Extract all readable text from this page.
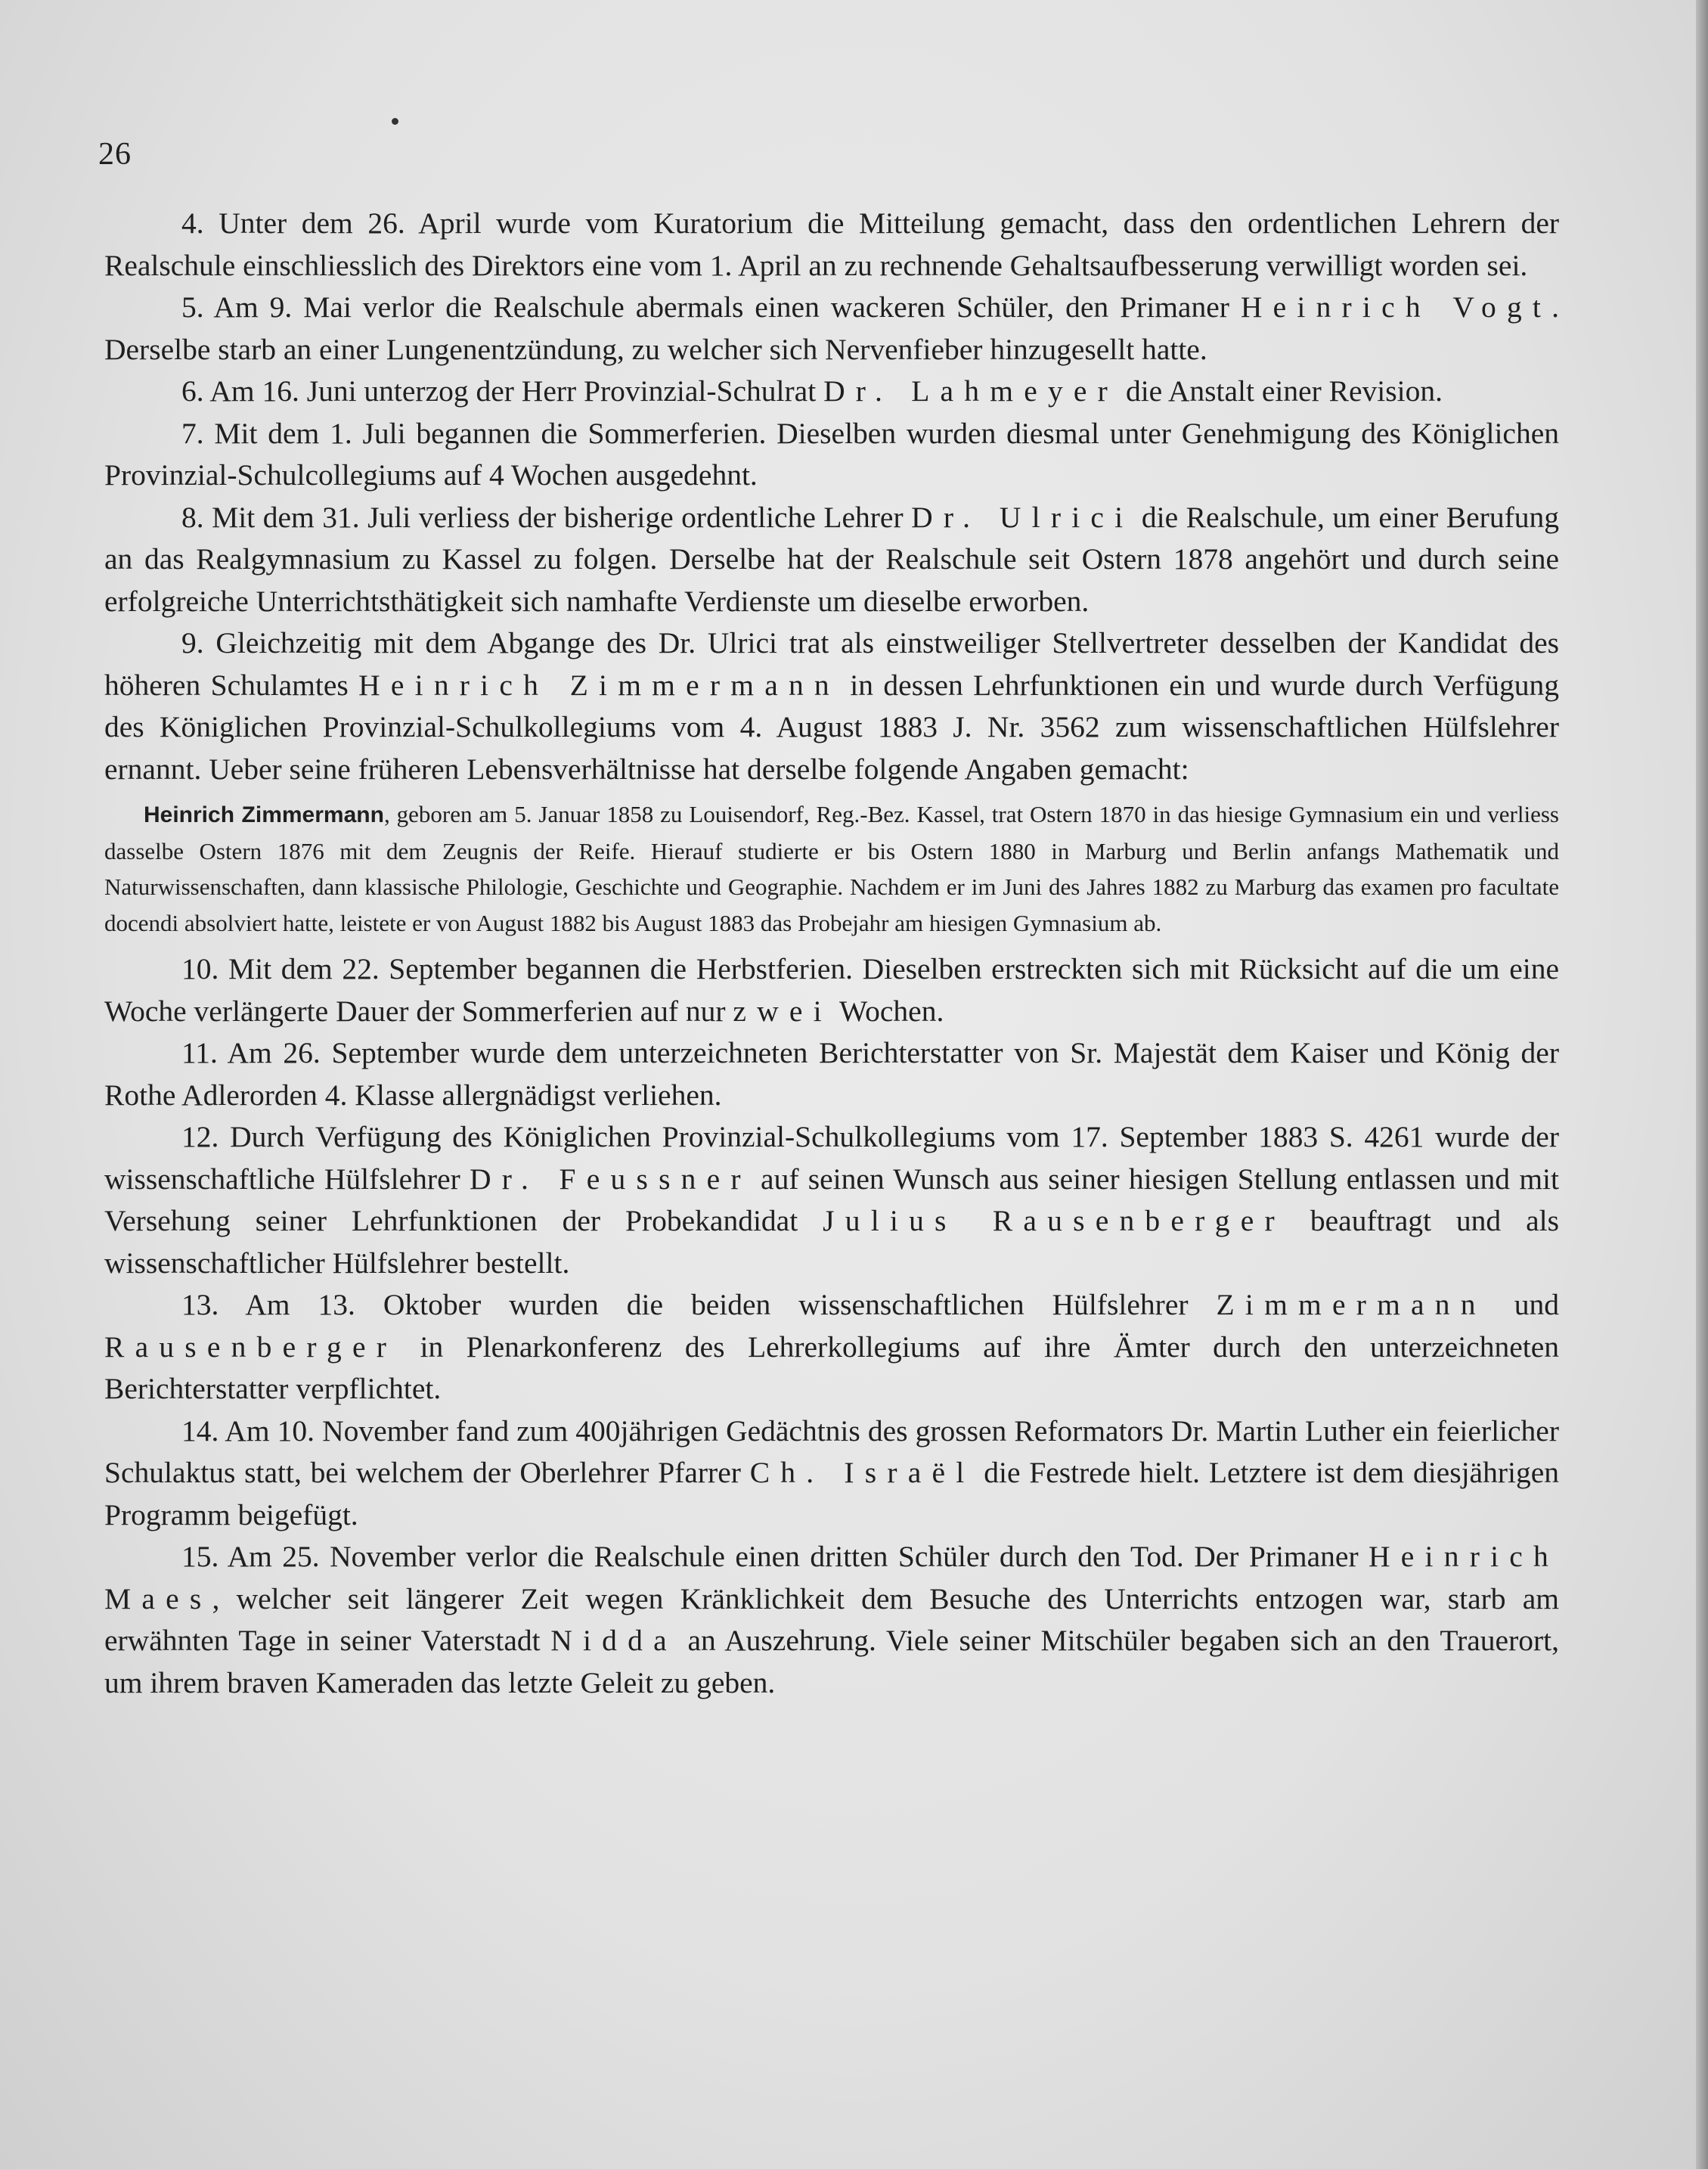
26

4. Unter dem 26. April wurde vom Kuratorium die Mitteilung gemacht, dass den ordentlichen Lehrern der Realschule einschliesslich des Direktors eine vom 1. April an zu rechnende Gehaltsaufbesserung verwilligt worden sei.

5. Am 9. Mai verlor die Realschule abermals einen wackeren Schüler, den Primaner Heinrich Vogt. Derselbe starb an einer Lungenentzündung, zu welcher sich Nervenfieber hinzugesellt hatte.

6. Am 16. Juni unterzog der Herr Provinzial-Schulrat Dr. Lahmeyer die Anstalt einer Revision.

7. Mit dem 1. Juli begannen die Sommerferien. Dieselben wurden diesmal unter Genehmigung des Königlichen Provinzial-Schulcollegiums auf 4 Wochen ausgedehnt.

8. Mit dem 31. Juli verliess der bisherige ordentliche Lehrer Dr. Ulrici die Realschule, um einer Berufung an das Realgymnasium zu Kassel zu folgen. Derselbe hat der Realschule seit Ostern 1878 angehört und durch seine erfolgreiche Unterrichtsthätigkeit sich namhafte Verdienste um dieselbe erworben.

9. Gleichzeitig mit dem Abgange des Dr. Ulrici trat als einstweiliger Stellvertreter desselben der Kandidat des höheren Schulamtes Heinrich Zimmermann in dessen Lehrfunktionen ein und wurde durch Verfügung des Königlichen Provinzial-Schulkollegiums vom 4. August 1883 J. Nr. 3562 zum wissenschaftlichen Hülfslehrer ernannt. Ueber seine früheren Lebensverhältnisse hat derselbe folgende Angaben gemacht:

Heinrich Zimmermann, geboren am 5. Januar 1858 zu Louisendorf, Reg.-Bez. Kassel, trat Ostern 1870 in das hiesige Gymnasium ein und verliess dasselbe Ostern 1876 mit dem Zeugnis der Reife. Hierauf studierte er bis Ostern 1880 in Marburg und Berlin anfangs Mathematik und Naturwissenschaften, dann klassische Philologie, Geschichte und Geographie. Nachdem er im Juni des Jahres 1882 zu Marburg das examen pro facultate docendi absolviert hatte, leistete er von August 1882 bis August 1883 das Probejahr am hiesigen Gymnasium ab.

10. Mit dem 22. September begannen die Herbstferien. Dieselben erstreckten sich mit Rücksicht auf die um eine Woche verlängerte Dauer der Sommerferien auf nur zwei Wochen.

11. Am 26. September wurde dem unterzeichneten Berichterstatter von Sr. Majestät dem Kaiser und König der Rothe Adlerorden 4. Klasse allergnädigst verliehen.

12. Durch Verfügung des Königlichen Provinzial-Schulkollegiums vom 17. September 1883 S. 4261 wurde der wissenschaftliche Hülfslehrer Dr. Feussner auf seinen Wunsch aus seiner hiesigen Stellung entlassen und mit Versehung seiner Lehrfunktionen der Probekandidat Julius Rausenberger beauftragt und als wissenschaftlicher Hülfslehrer bestellt.

13. Am 13. Oktober wurden die beiden wissenschaftlichen Hülfslehrer Zimmermann und Rausenberger in Plenarkonferenz des Lehrerkollegiums auf ihre Ämter durch den unterzeichneten Berichterstatter verpflichtet.

14. Am 10. November fand zum 400jährigen Gedächtnis des grossen Reformators Dr. Martin Luther ein feierlicher Schulaktus statt, bei welchem der Oberlehrer Pfarrer Ch. Israël die Festrede hielt. Letztere ist dem diesjährigen Programm beigefügt.

15. Am 25. November verlor die Realschule einen dritten Schüler durch den Tod. Der Primaner Heinrich Maes, welcher seit längerer Zeit wegen Kränklichkeit dem Besuche des Unterrichts entzogen war, starb am erwähnten Tage in seiner Vaterstadt Nidda an Auszehrung. Viele seiner Mitschüler begaben sich an den Trauerort, um ihrem braven Kameraden das letzte Geleit zu geben.
